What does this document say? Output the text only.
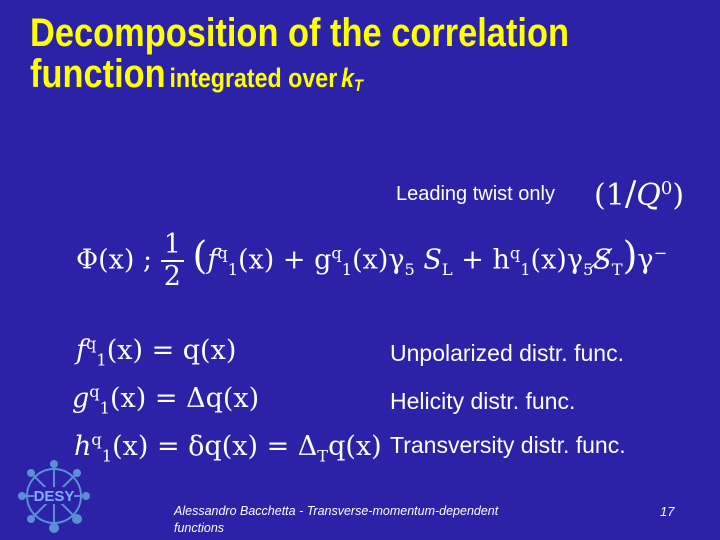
Decomposition of the correlation
function integrated over $k_T$
Leading twist only $(1/Q^0)$
Φ(x) ; $\frac{1}{2} (f^q_1(x) + g^q_1(x)\gamma_5$ $S_L$ + $h^q_1(x)\gamma_5S̸_T)\gamma^-$
$f^q_1(x) = q(x)$	Unpolarized distr. func.
$g^q_1(x) = \Delta q(x)$	Helicity distr. func.
$h^q_1(x) = \delta q(x) = \Delta_Tq(x)$ Transversity distr. func.
DESY
Alessandro Bacchetta - Transverse-momentum-dependent functions
17
